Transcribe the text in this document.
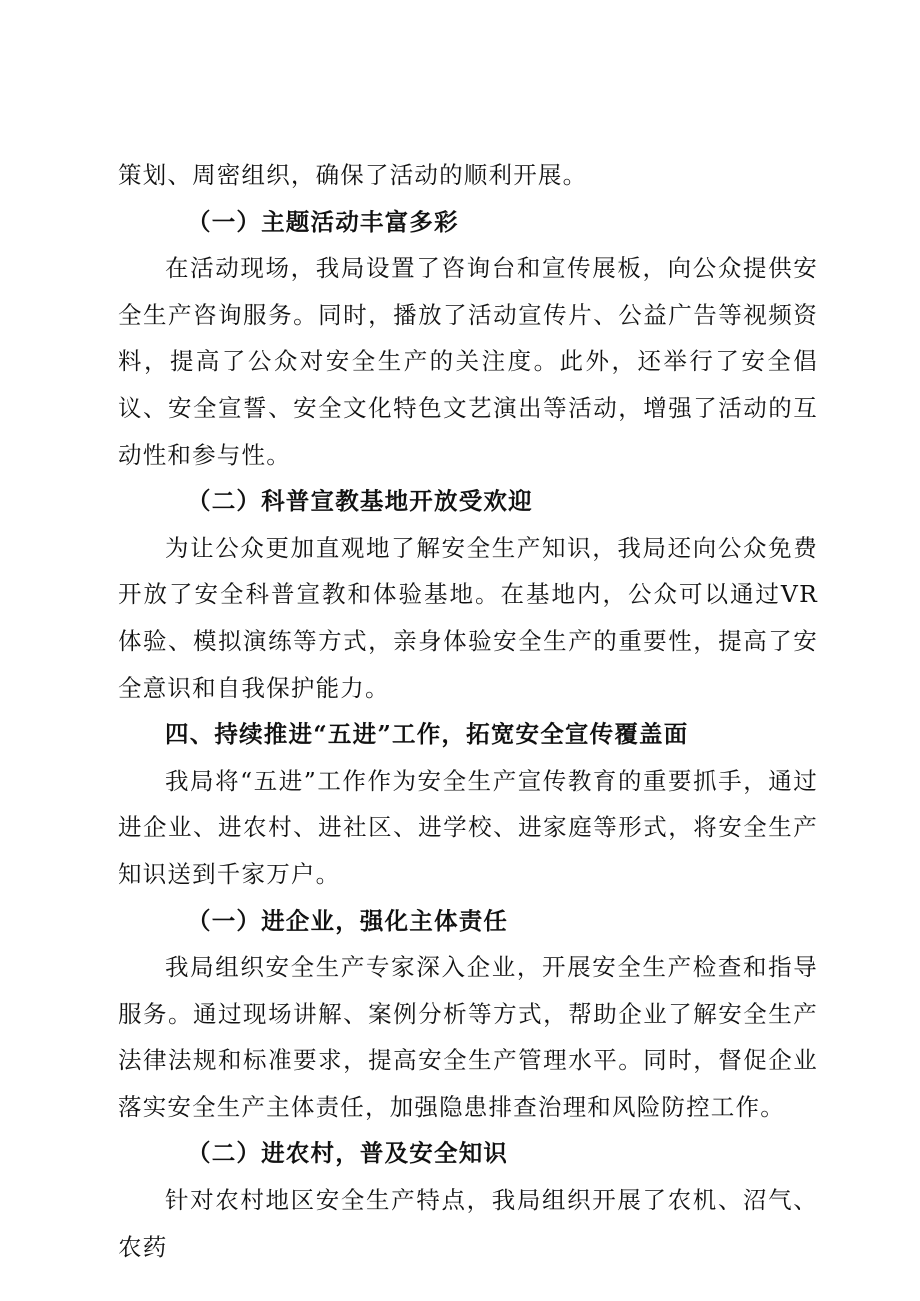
策划、周密组织，确保了活动的顺利开展。

（一）主题活动丰富多彩

在活动现场，我局设置了咨询台和宣传展板，向公众提供安全生产咨询服务。同时，播放了活动宣传片、公益广告等视频资料，提高了公众对安全生产的关注度。此外，还举行了安全倡议、安全宣誓、安全文化特色文艺演出等活动，增强了活动的互动性和参与性。

（二）科普宣教基地开放受欢迎

为让公众更加直观地了解安全生产知识，我局还向公众免费开放了安全科普宣教和体验基地。在基地内，公众可以通过VR体验、模拟演练等方式，亲身体验安全生产的重要性，提高了安全意识和自我保护能力。

四、持续推进“五进”工作，拓宽安全宣传覆盖面

我局将“五进”工作作为安全生产宣传教育的重要抓手，通过进企业、进农村、进社区、进学校、进家庭等形式，将安全生产知识送到千家万户。

（一）进企业，强化主体责任

我局组织安全生产专家深入企业，开展安全生产检查和指导服务。通过现场讲解、案例分析等方式，帮助企业了解安全生产法律法规和标准要求，提高安全生产管理水平。同时，督促企业落实安全生产主体责任，加强隐患排查治理和风险防控工作。

（二）进农村，普及安全知识

针对农村地区安全生产特点，我局组织开展了农机、沼气、农药
